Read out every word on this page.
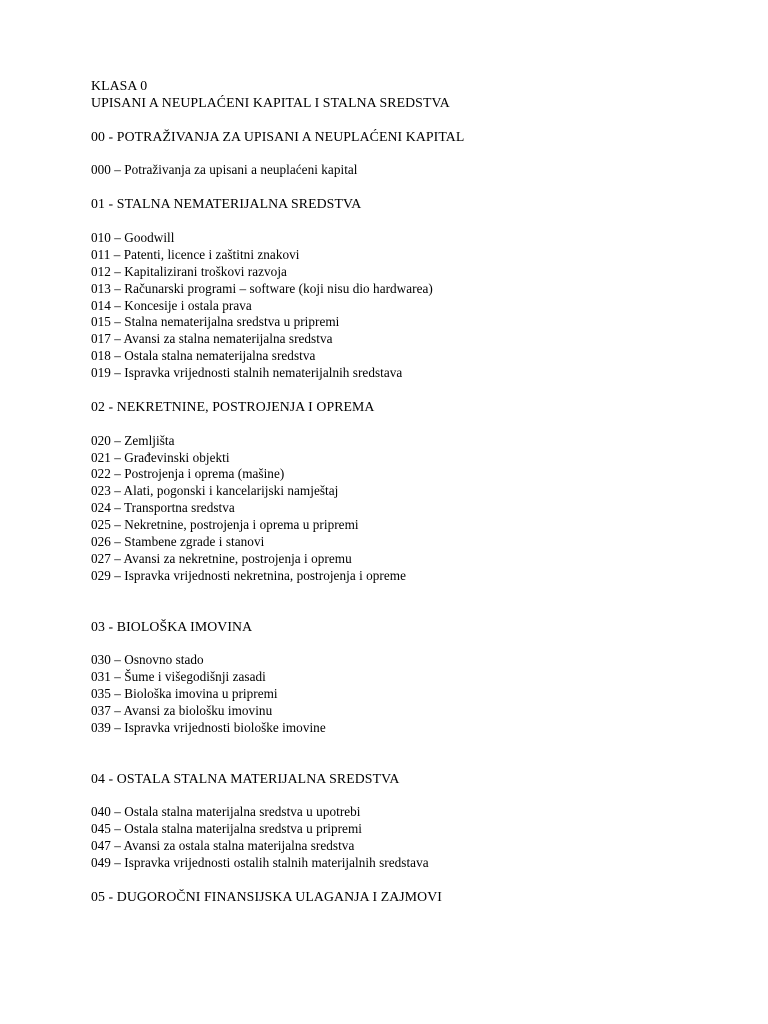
KLASA 0
UPISANI A NEUPLAĆENI KAPITAL I STALNA SREDSTVA
00 - POTRAŽIVANJA ZA UPISANI A NEUPLAĆENI KAPITAL
000 – Potraživanja za upisani a neuplaćeni kapital
01 - STALNA NEMATERIJALNA SREDSTVA
010 – Goodwill
011 – Patenti, licence i zaštitni znakovi
012 – Kapitalizirani troškovi razvoja
013 – Računarski programi – software (koji nisu dio hardwarea)
014 – Koncesije i ostala prava
015 – Stalna nematerijalna sredstva u pripremi
017 – Avansi za stalna nematerijalna sredstva
018 – Ostala stalna nematerijalna sredstva
019 – Ispravka vrijednosti stalnih nematerijalnih sredstava
02 - NEKRETNINE, POSTROJENJA I OPREMA
020 – Zemljišta
021 – Građevinski objekti
022 – Postrojenja i oprema (mašine)
023 – Alati, pogonski i kancelarijski namještaj
024 – Transportna sredstva
025 – Nekretnine, postrojenja i oprema u pripremi
026 – Stambene zgrade i stanovi
027 – Avansi za nekretnine, postrojenja i opremu
029 – Ispravka vrijednosti nekretnina, postrojenja i opreme
03 - BIOLOŠKA IMOVINA
030 – Osnovno stado
031 – Šume i višegodišnji zasadi
035 – Biološka imovina u pripremi
037 – Avansi za biološku imovinu
039 – Ispravka vrijednosti biološke imovine
04 - OSTALA STALNA MATERIJALNA SREDSTVA
040 – Ostala stalna materijalna sredstva u upotrebi
045 – Ostala stalna materijalna sredstva u pripremi
047 – Avansi za ostala stalna materijalna sredstva
049 – Ispravka vrijednosti ostalih stalnih materijalnih sredstava
05 - DUGOROČNI FINANSIJSKA ULAGANJA I ZAJMOVI
